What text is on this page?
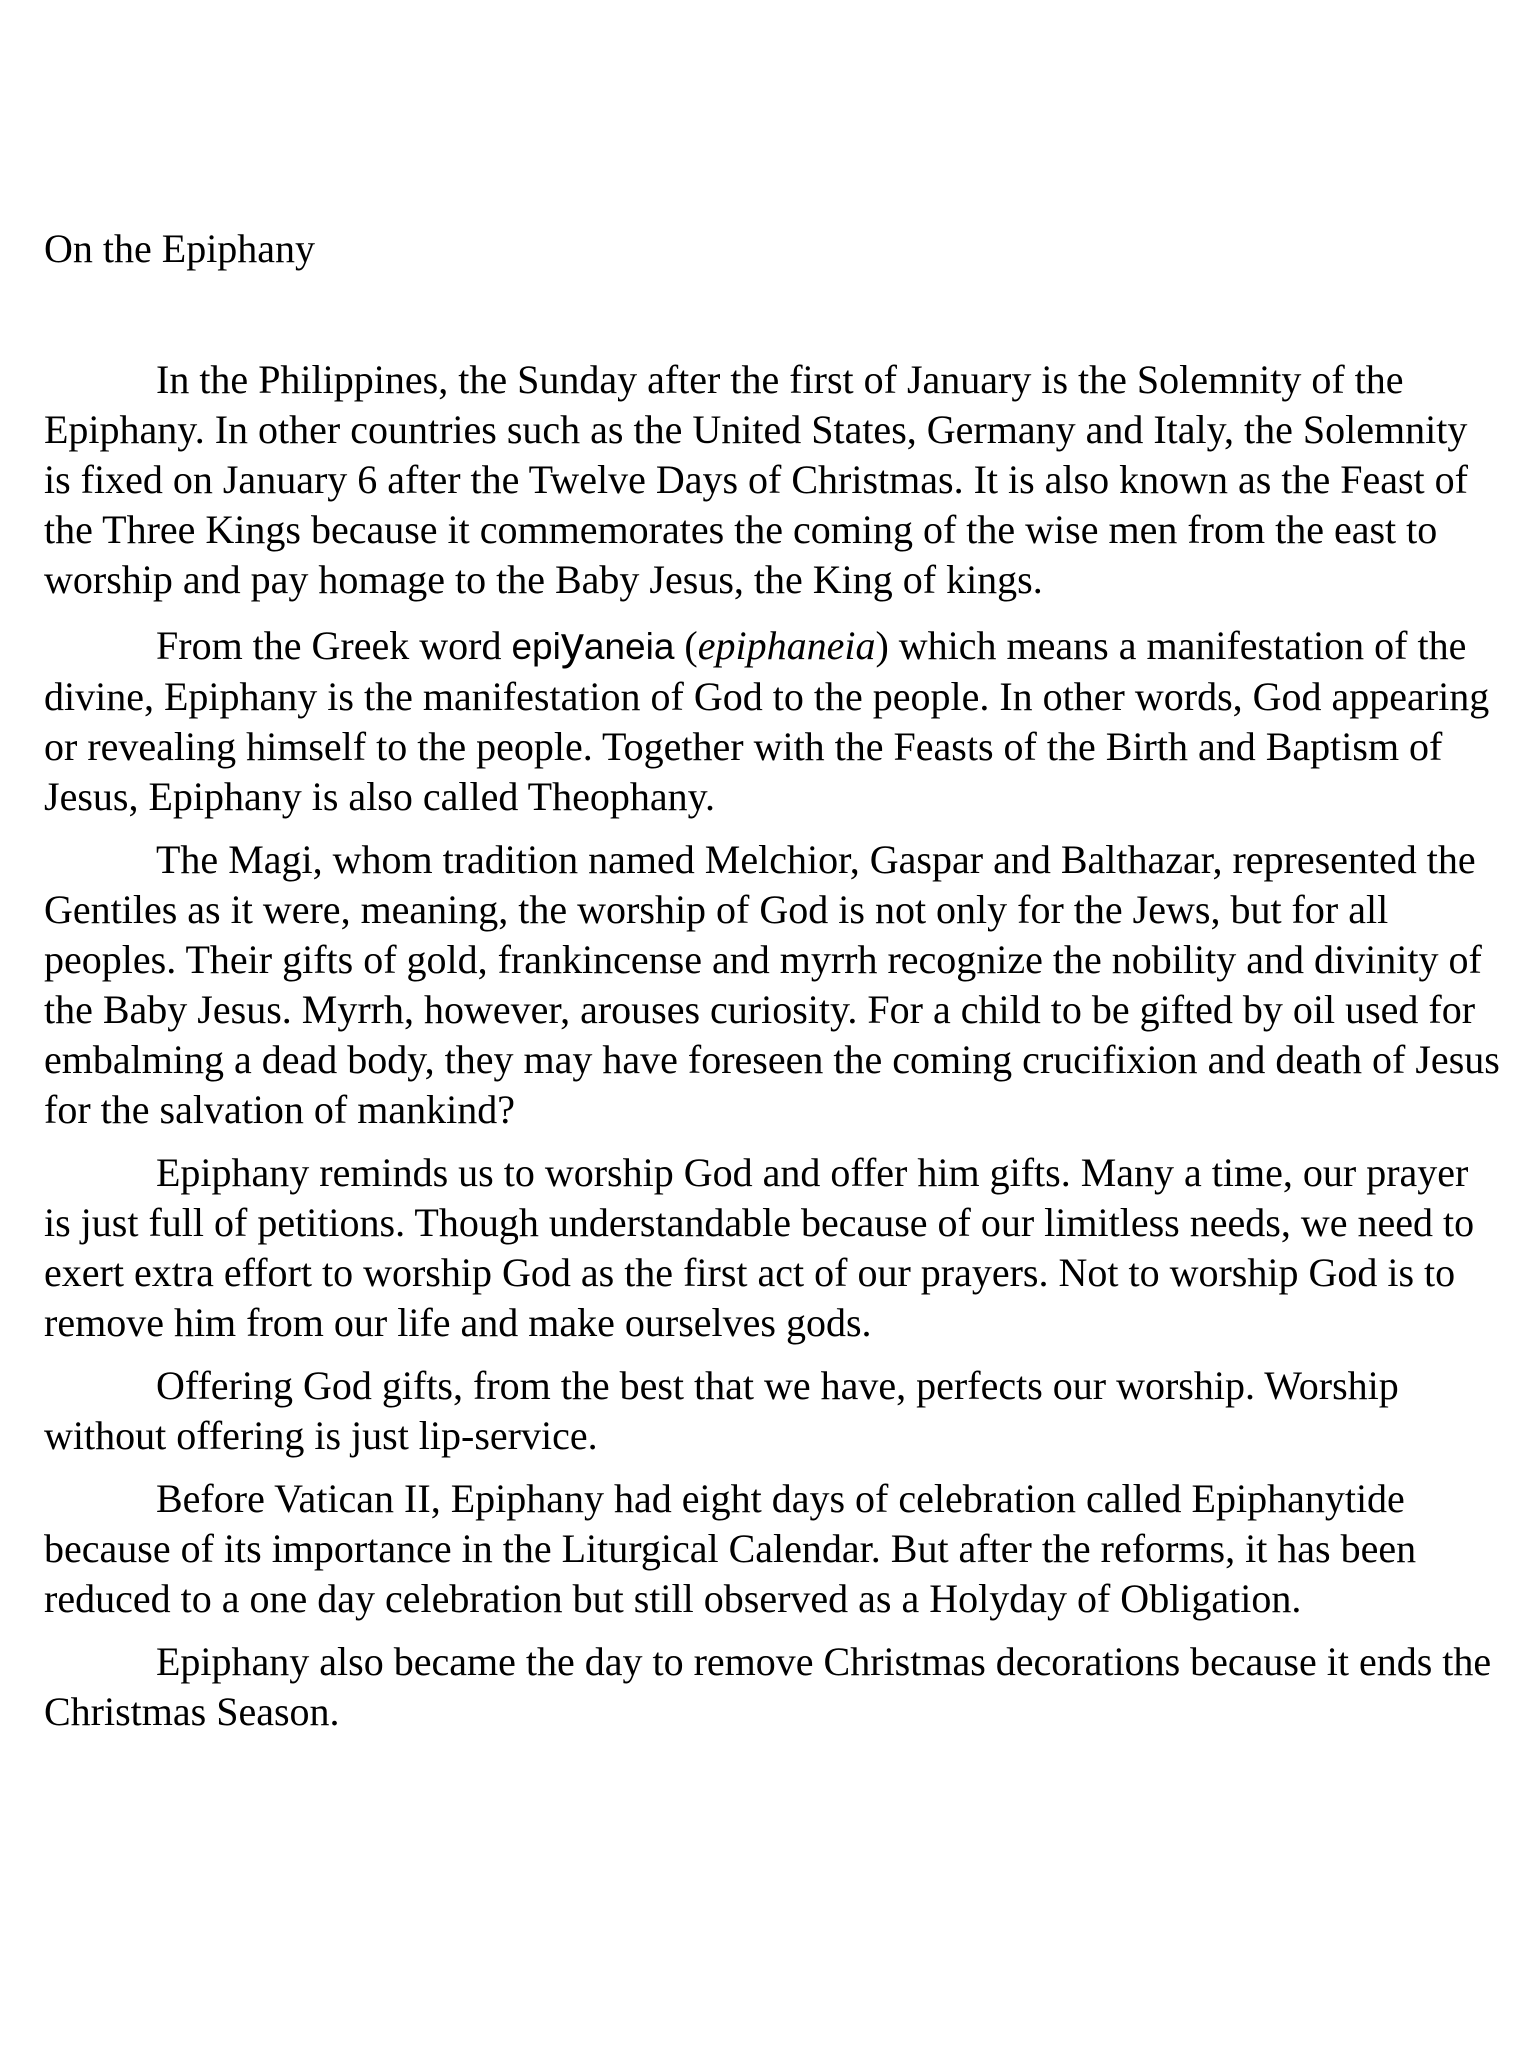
On the Epiphany

In the Philippines, the Sunday after the first of January is the Solemnity of the Epiphany. In other countries such as the United States, Germany and Italy, the Solemnity is fixed on January 6 after the Twelve Days of Christmas. It is also known as the Feast of the Three Kings because it commemorates the coming of the wise men from the east to worship and pay homage to the Baby Jesus, the King of kings.

From the Greek word epiyaneia (epiphaneia) which means a manifestation of the divine, Epiphany is the manifestation of God to the people. In other words, God appearing or revealing himself to the people. Together with the Feasts of the Birth and Baptism of Jesus, Epiphany is also called Theophany.

The Magi, whom tradition named Melchior, Gaspar and Balthazar, represented the Gentiles as it were, meaning, the worship of God is not only for the Jews, but for all peoples. Their gifts of gold, frankincense and myrrh recognize the nobility and divinity of the Baby Jesus. Myrrh, however, arouses curiosity. For a child to be gifted by oil used for embalming a dead body, they may have foreseen the coming crucifixion and death of Jesus for the salvation of mankind?

Epiphany reminds us to worship God and offer him gifts. Many a time, our prayer is just full of petitions. Though understandable because of our limitless needs, we need to exert extra effort to worship God as the first act of our prayers. Not to worship God is to remove him from our life and make ourselves gods.

Offering God gifts, from the best that we have, perfects our worship. Worship without offering is just lip-service.

Before Vatican II, Epiphany had eight days of celebration called Epiphanytide because of its importance in the Liturgical Calendar. But after the reforms, it has been reduced to a one day celebration but still observed as a Holyday of Obligation.

Epiphany also became the day to remove Christmas decorations because it ends the Christmas Season.
